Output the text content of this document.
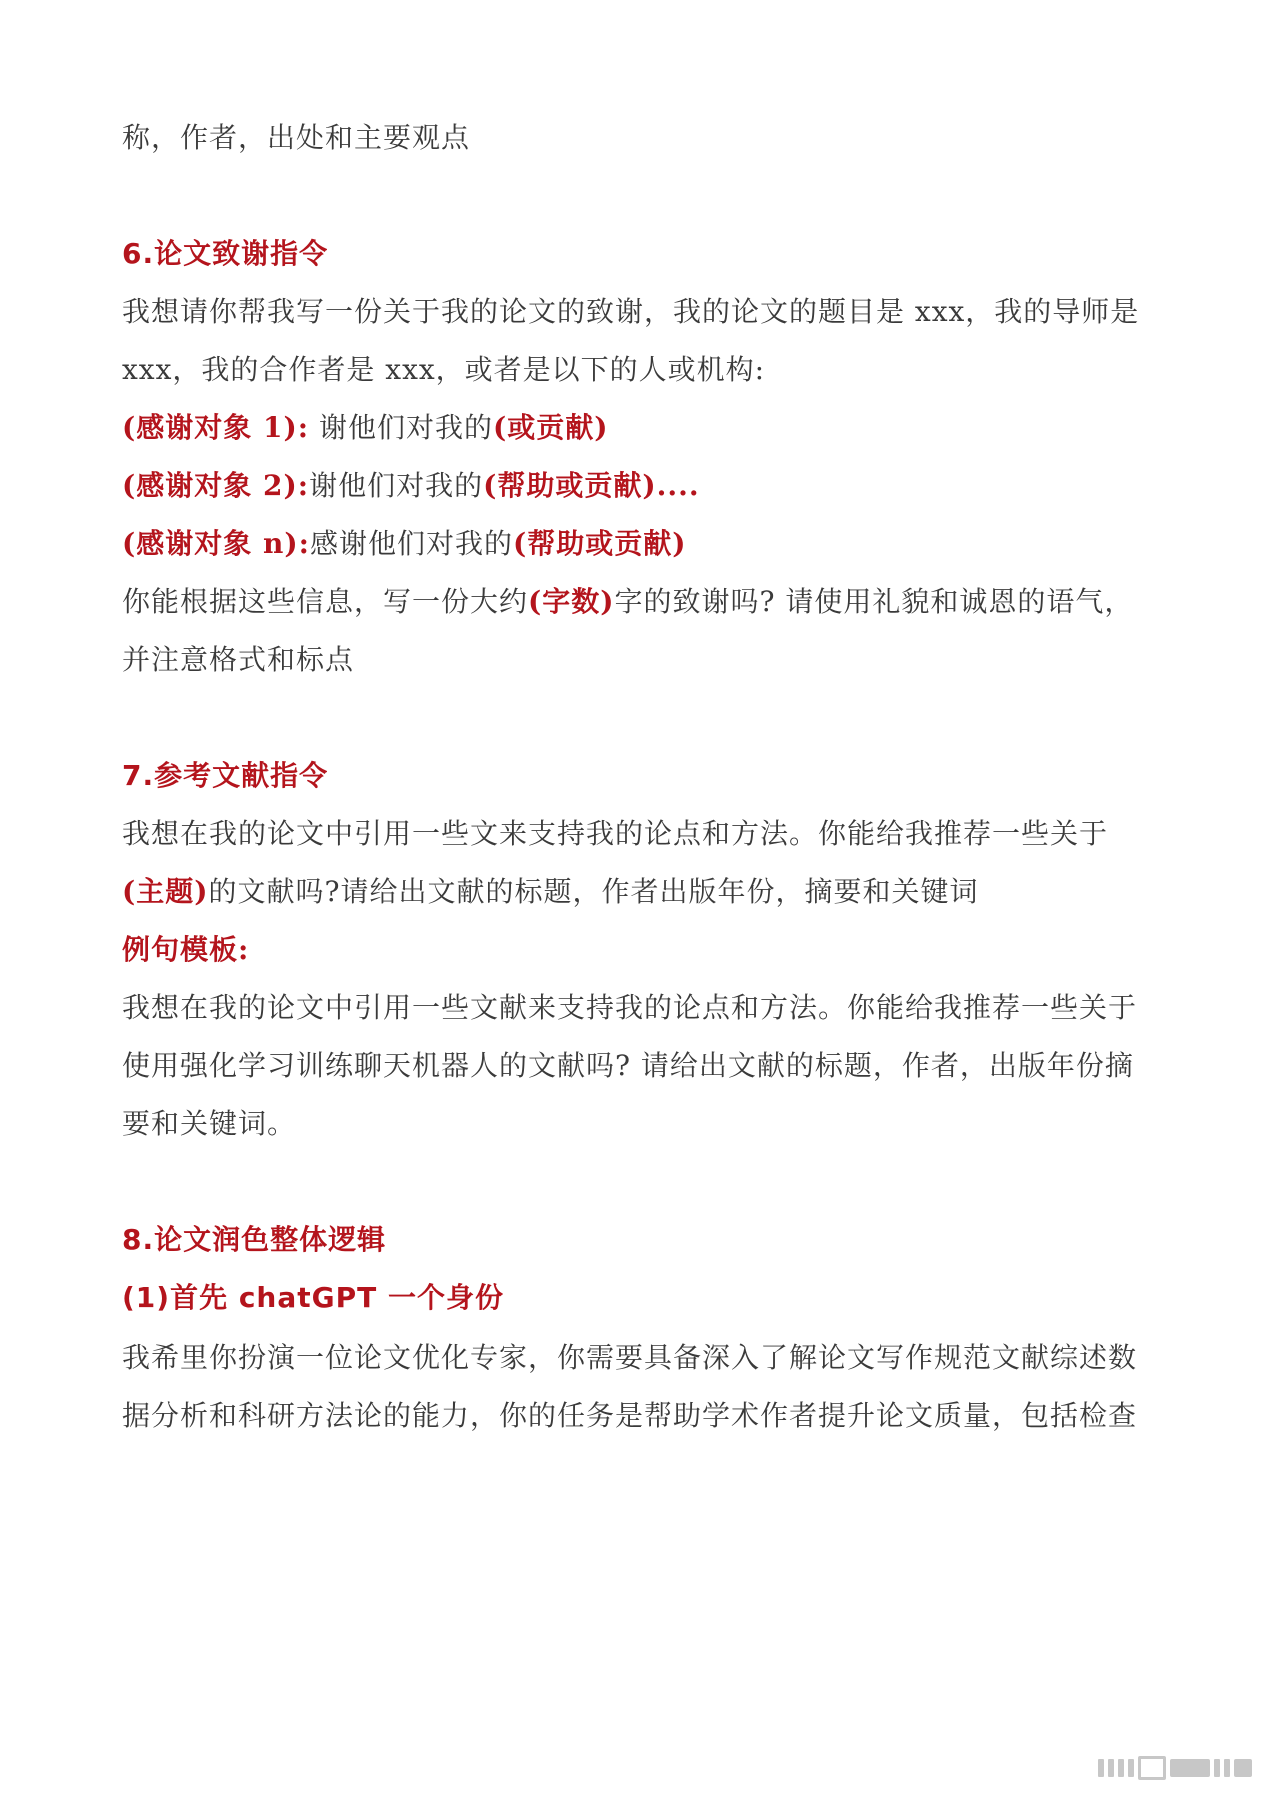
称，作者，出处和主要观点
6.论文致谢指令
我想请你帮我写一份关于我的论文的致谢，我的论文的题目是 xxx，我的导师是
xxx，我的合作者是 xxx，或者是以下的人或机构:
(感谢对象 1): 谢他们对我的(或贡献)
(感谢对象 2):谢他们对我的(帮助或贡献)....
(感谢对象 n):感谢他们对我的(帮助或贡献)
你能根据这些信息，写一份大约(字数)字的致谢吗? 请使用礼貌和诚恩的语气，
并注意格式和标点
7.参考文献指令
我想在我的论文中引用一些文来支持我的论点和方法。你能给我推荐一些关于
(主题)的文献吗?请给出文献的标题，作者出版年份，摘要和关键词
例句模板:
我想在我的论文中引用一些文献来支持我的论点和方法。你能给我推荐一些关于
使用强化学习训练聊天机器人的文献吗? 请给出文献的标题，作者，出版年份摘
要和关键词。
8.论文润色整体逻辑
(1)首先 chatGPT 一个身份
我希里你扮演一位论文优化专家，你需要具备深入了解论文写作规范文献综述数
据分析和科研方法论的能力，你的任务是帮助学术作者提升论文质量，包括检查
